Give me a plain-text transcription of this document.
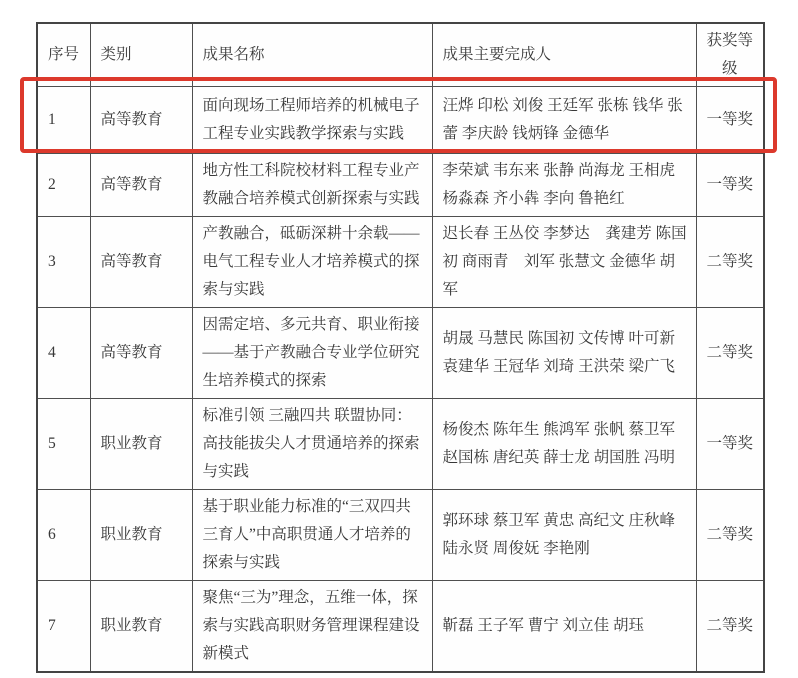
序号	类别	成果名称	成果主要完成人	获奖等级
1	高等教育	面向现场工程师培养的机械电子工程专业实践教学探索与实践	汪烨 印松 刘俊 王廷军 张栋 钱华 张蕾 李庆龄 钱炳锋 金德华	一等奖
2	高等教育	地方性工科院校材料工程专业产教融合培养模式创新探索与实践	李荣斌 韦东来 张静 尚海龙 王相虎 杨淼森 齐小犇 李向 鲁艳红	一等奖
3	高等教育	产教融合，砥砺深耕十余载——电气工程专业人才培养模式的探索与实践	迟长春 王丛佼 李梦达　龚建芳 陈国初 商雨青　刘军 张慧文 金德华 胡军	二等奖
4	高等教育	因需定培、多元共育、职业衔接——基于产教融合专业学位研究生培养模式的探索	胡晟 马慧民 陈国初 文传博 叶可新 袁建华 王冠华 刘琦 王洪荣 梁广飞	二等奖
5	职业教育	标准引领 三融四共 联盟协同：高技能拔尖人才贯通培养的探索与实践	杨俊杰 陈年生 熊鸿军 张帆 蔡卫军 赵国栋 唐纪英 薛士龙 胡国胜 冯明	一等奖
6	职业教育	基于职业能力标准的“三双四共三育人”中高职贯通人才培养的探索与实践	郭环球 蔡卫军 黄忠 高纪文 庄秋峰 陆永贤 周俊妩 李艳刚	二等奖
7	职业教育	聚焦“三为”理念，五维一体，探索与实践高职财务管理课程建设新模式	靳磊 王子军 曹宁 刘立佳 胡珏	二等奖
